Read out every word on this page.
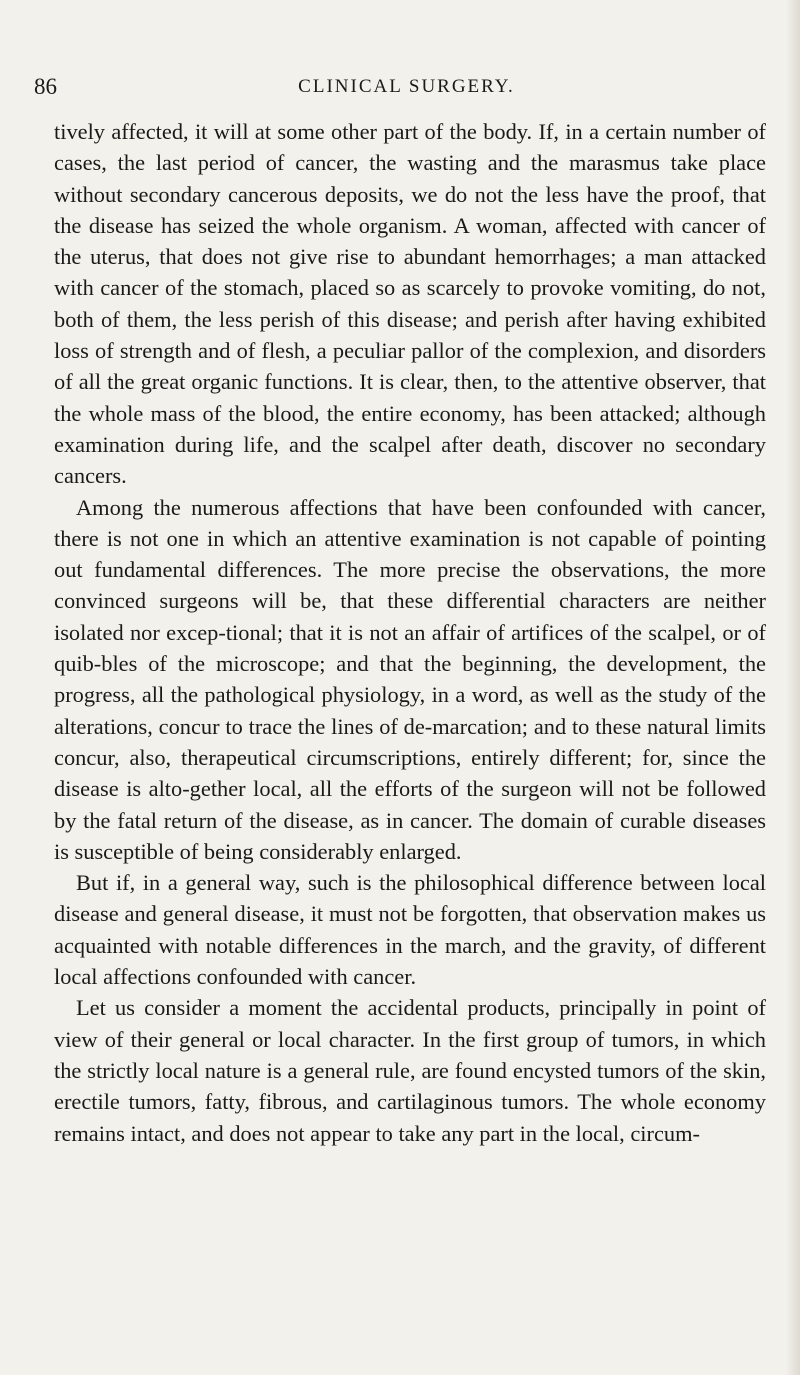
86	CLINICAL SURGERY.

tively affected, it will at some other part of the body. If, in a certain number of cases, the last period of cancer, the wasting and the marasmus take place without secondary cancerous deposits, we do not the less have the proof, that the disease has seized the whole organism. A woman, affected with cancer of the uterus, that does not give rise to abundant hemorrhages; a man attacked with cancer of the stomach, placed so as scarcely to provoke vomiting, do not, both of them, the less perish of this disease; and perish after having exhibited loss of strength and of flesh, a peculiar pallor of the complexion, and disorders of all the great organic functions. It is clear, then, to the attentive observer, that the whole mass of the blood, the entire economy, has been attacked; although examination during life, and the scalpel after death, discover no secondary cancers.

Among the numerous affections that have been confounded with cancer, there is not one in which an attentive examination is not capable of pointing out fundamental differences. The more precise the observations, the more convinced surgeons will be, that these differential characters are neither isolated nor excep-tional; that it is not an affair of artifices of the scalpel, or of quib-bles of the microscope; and that the beginning, the development, the progress, all the pathological physiology, in a word, as well as the study of the alterations, concur to trace the lines of de-marcation; and to these natural limits concur, also, therapeutical circumscriptions, entirely different; for, since the disease is alto-gether local, all the efforts of the surgeon will not be followed by the fatal return of the disease, as in cancer. The domain of curable diseases is susceptible of being considerably enlarged.

But if, in a general way, such is the philosophical difference between local disease and general disease, it must not be forgotten, that observation makes us acquainted with notable differences in the march, and the gravity, of different local affections confounded with cancer.

Let us consider a moment the accidental products, principally in point of view of their general or local character. In the first group of tumors, in which the strictly local nature is a general rule, are found encysted tumors of the skin, erectile tumors, fatty, fibrous, and cartilaginous tumors. The whole economy remains intact, and does not appear to take any part in the local, circum-
